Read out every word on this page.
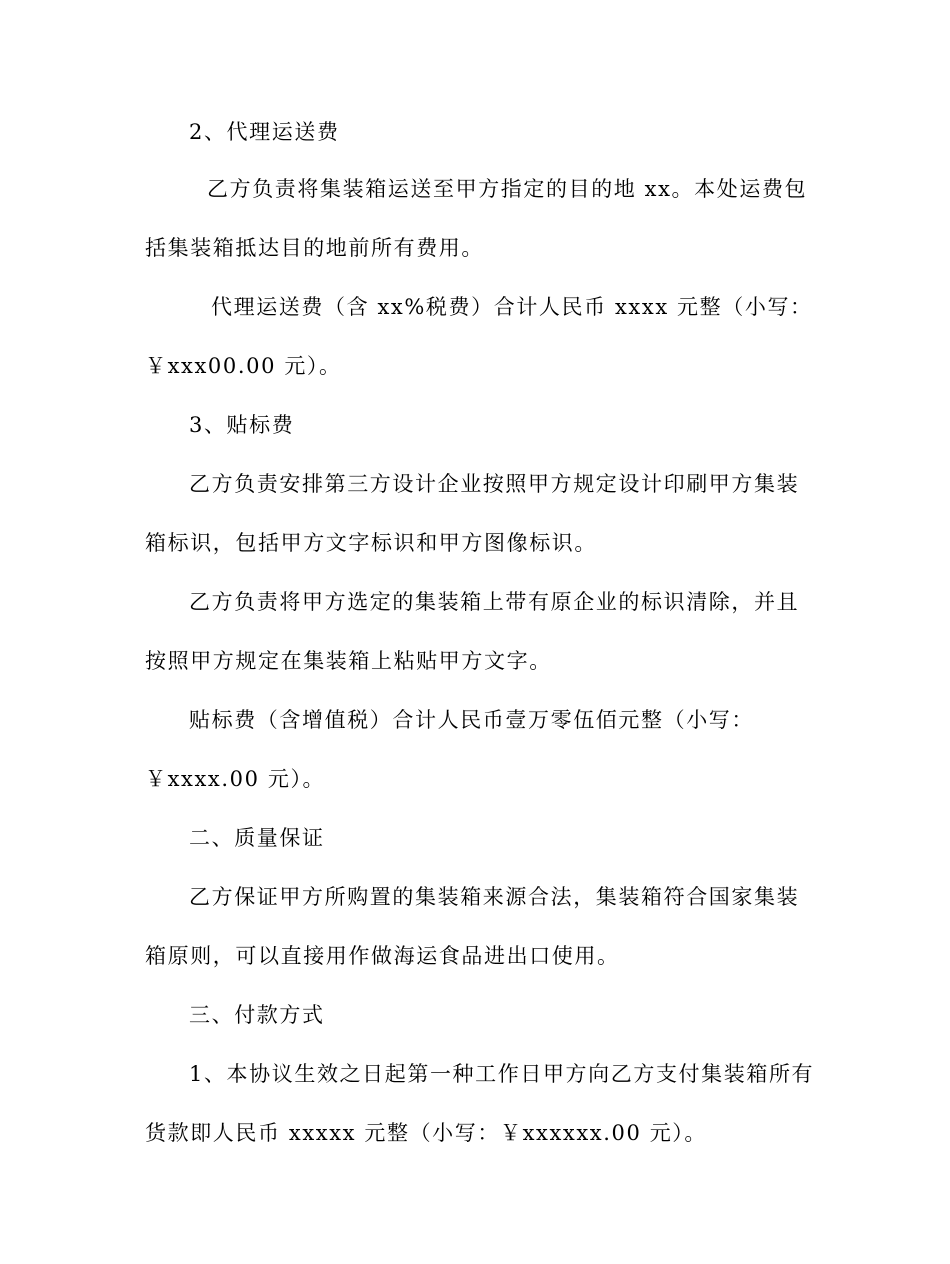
2、代理运送费
乙方负责将集装箱运送至甲方指定的目的地 xx。本处运费包
括集装箱抵达目的地前所有费用。
代理运送费（含 xx%税费）合计人民币 xxxx 元整（小写：
￥xxx00.00 元）。
3、贴标费
乙方负责安排第三方设计企业按照甲方规定设计印刷甲方集装
箱标识，包括甲方文字标识和甲方图像标识。
乙方负责将甲方选定的集装箱上带有原企业的标识清除，并且
按照甲方规定在集装箱上粘贴甲方文字。
贴标费（含增值税）合计人民币壹万零伍佰元整（小写：
￥xxxx.00 元）。
二、质量保证
乙方保证甲方所购置的集装箱来源合法，集装箱符合国家集装
箱原则，可以直接用作做海运食品进出口使用。
三、付款方式
1、本协议生效之日起第一种工作日甲方向乙方支付集装箱所有
货款即人民币 xxxxx 元整（小写：￥xxxxxx.00 元）。
